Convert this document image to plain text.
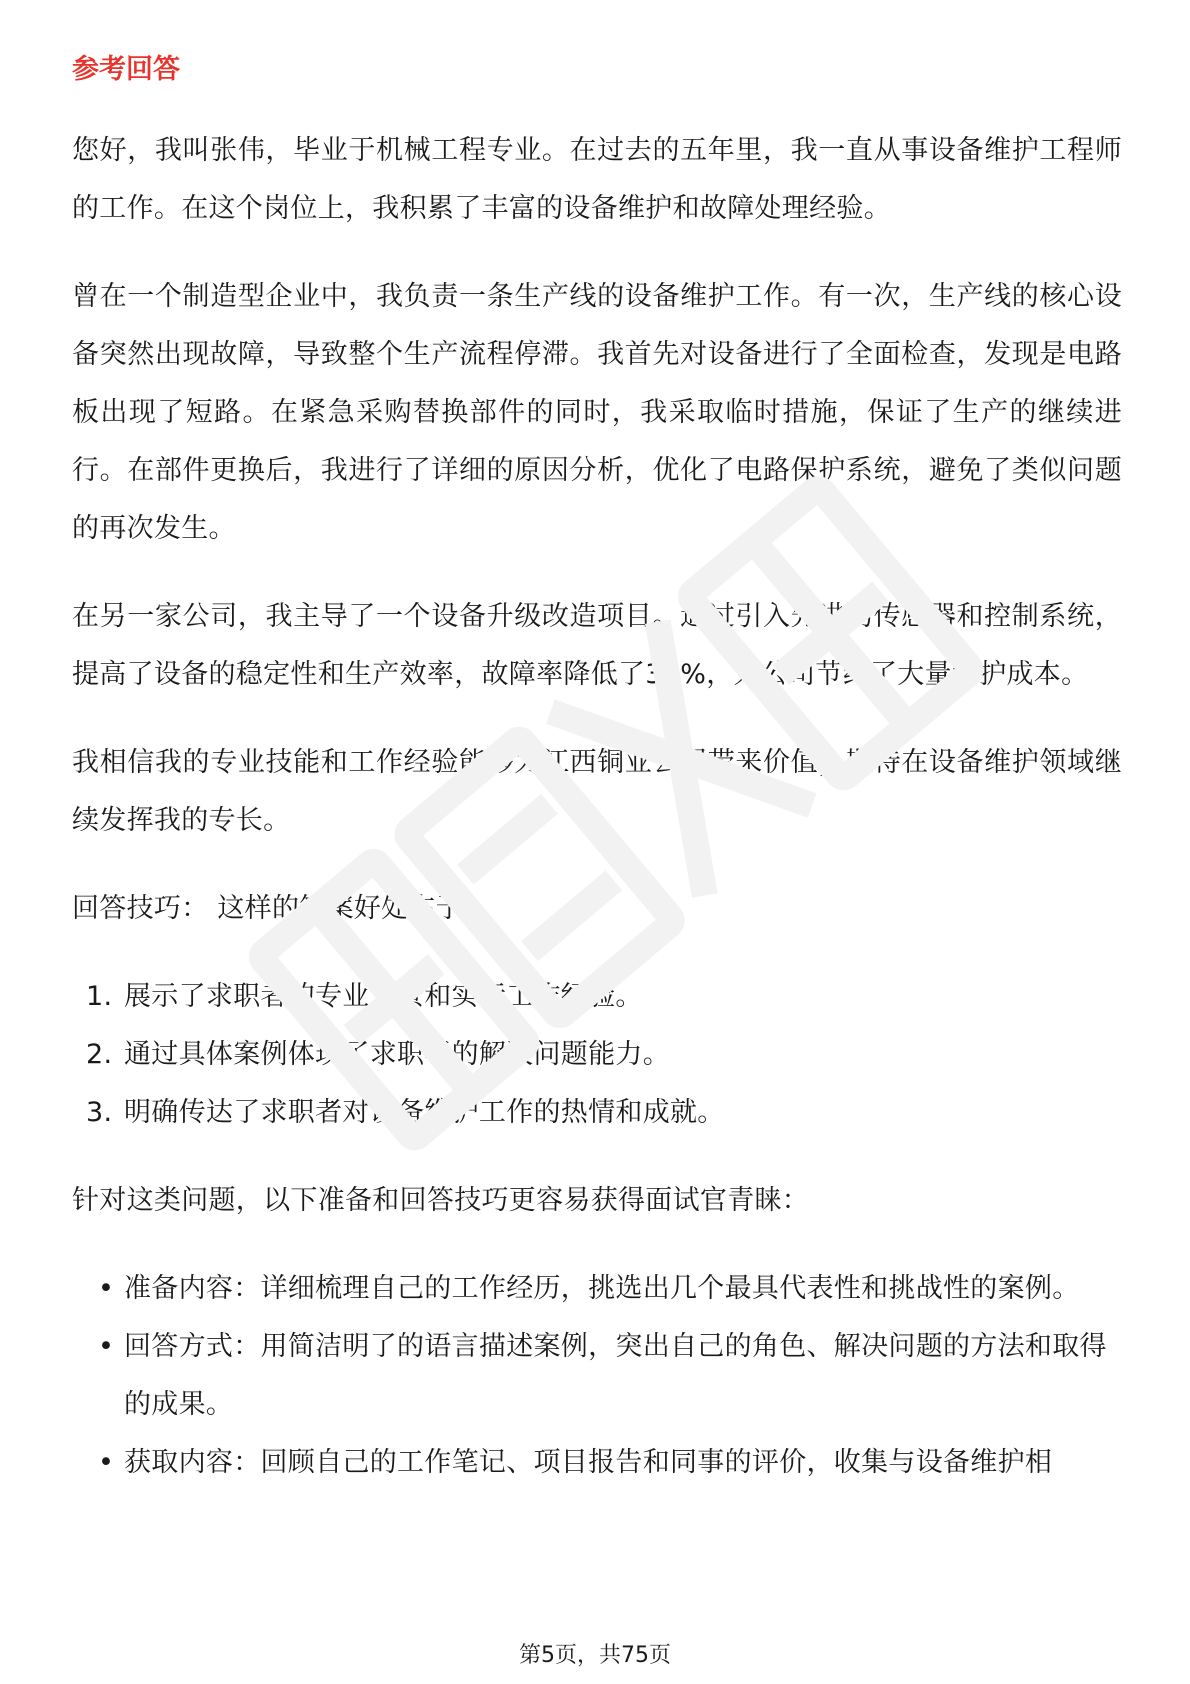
参考回答

您好，我叫张伟，毕业于机械工程专业。在过去的五年里，我一直从事设备维护工程师的工作。在这个岗位上，我积累了丰富的设备维护和故障处理经验。

曾在一个制造型企业中，我负责一条生产线的设备维护工作。有一次，生产线的核心设备突然出现故障，导致整个生产流程停滞。我首先对设备进行了全面检查，发现是电路板出现了短路。在紧急采购替换部件的同时，我采取临时措施，保证了生产的继续进行。在部件更换后，我进行了详细的原因分析，优化了电路保护系统，避免了类似问题的再次发生。

在另一家公司，我主导了一个设备升级改造项目。通过引入先进的传感器和控制系统，提高了设备的稳定性和生产效率，故障率降低了30%，为公司节约了大量维护成本。

我相信我的专业技能和工作经验能够为江西铜业公司带来价值，期待在设备维护领域继续发挥我的专长。

回答技巧： 这样的答案好处在于：

1. 展示了求职者的专业背景和实际工作经验。
2. 通过具体案例体现了求职者的解决问题能力。
3. 明确传达了求职者对设备维护工作的热情和成就。

针对这类问题，以下准备和回答技巧更容易获得面试官青睐：

• 准备内容：详细梳理自己的工作经历，挑选出几个最具代表性和挑战性的案例。
• 回答方式：用简洁明了的语言描述案例，突出自己的角色、解决问题的方法和取得的成果。
• 获取内容：回顾自己的工作笔记、项目报告和同事的评价，收集与设备维护相
第5页，共75页
